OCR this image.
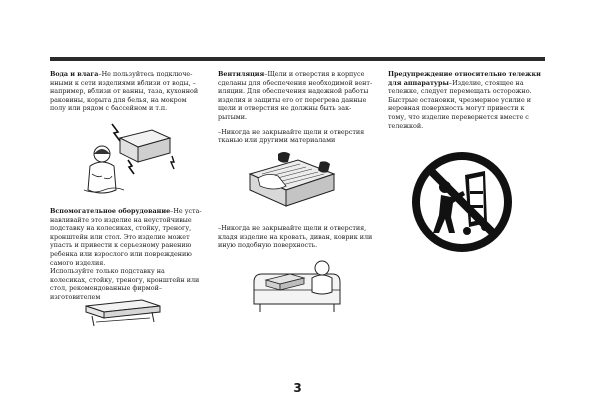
Вода и влага–Не пользуйтесь подключе-нными к сети изделиями вблизи от воды, – например, вблизи от ванны, таза, кухонной раковины, корыта для белья, на мокром полу или рядом с бассейном и т.п.

Вспомогательное оборудование–Не уста-навливайте это изделие на неустойчивые подставку на колесиках, стойку, треногу, кронштейн или стол. Это изделие может упасть и привести к серьезному ранению ребенка или взрослого или повреждению самого изделия.

Используйте только подставку на колесиках, стойку, треногу, кронштейн или стол, рекомендованные фирмой–изготовителем

Вентиляция–Щели и отверстия в корпусе сделаны для обеспечения необходимой вент-иляции. Для обеспечения надежной работы изделия и защиты его от перегрева данные щели и отверстия не должны быть зак-рытыми.

–Никогда не закрывайте щели и отверстия тканью или другими материалами

–Никогда не закрывайте щели и отверстия, кладя изделие на кровать, диван, коврик или иную подобную поверхность.

Предупреждение относительно тележки для аппаратуры–Изделие, стоящее на тележке, следует перемещать осторожно. Быстрые остановки, чрезмерное усилие и неровная поверхность могут привести к тому, что изделие перевернется вместе с тележкой.

3
